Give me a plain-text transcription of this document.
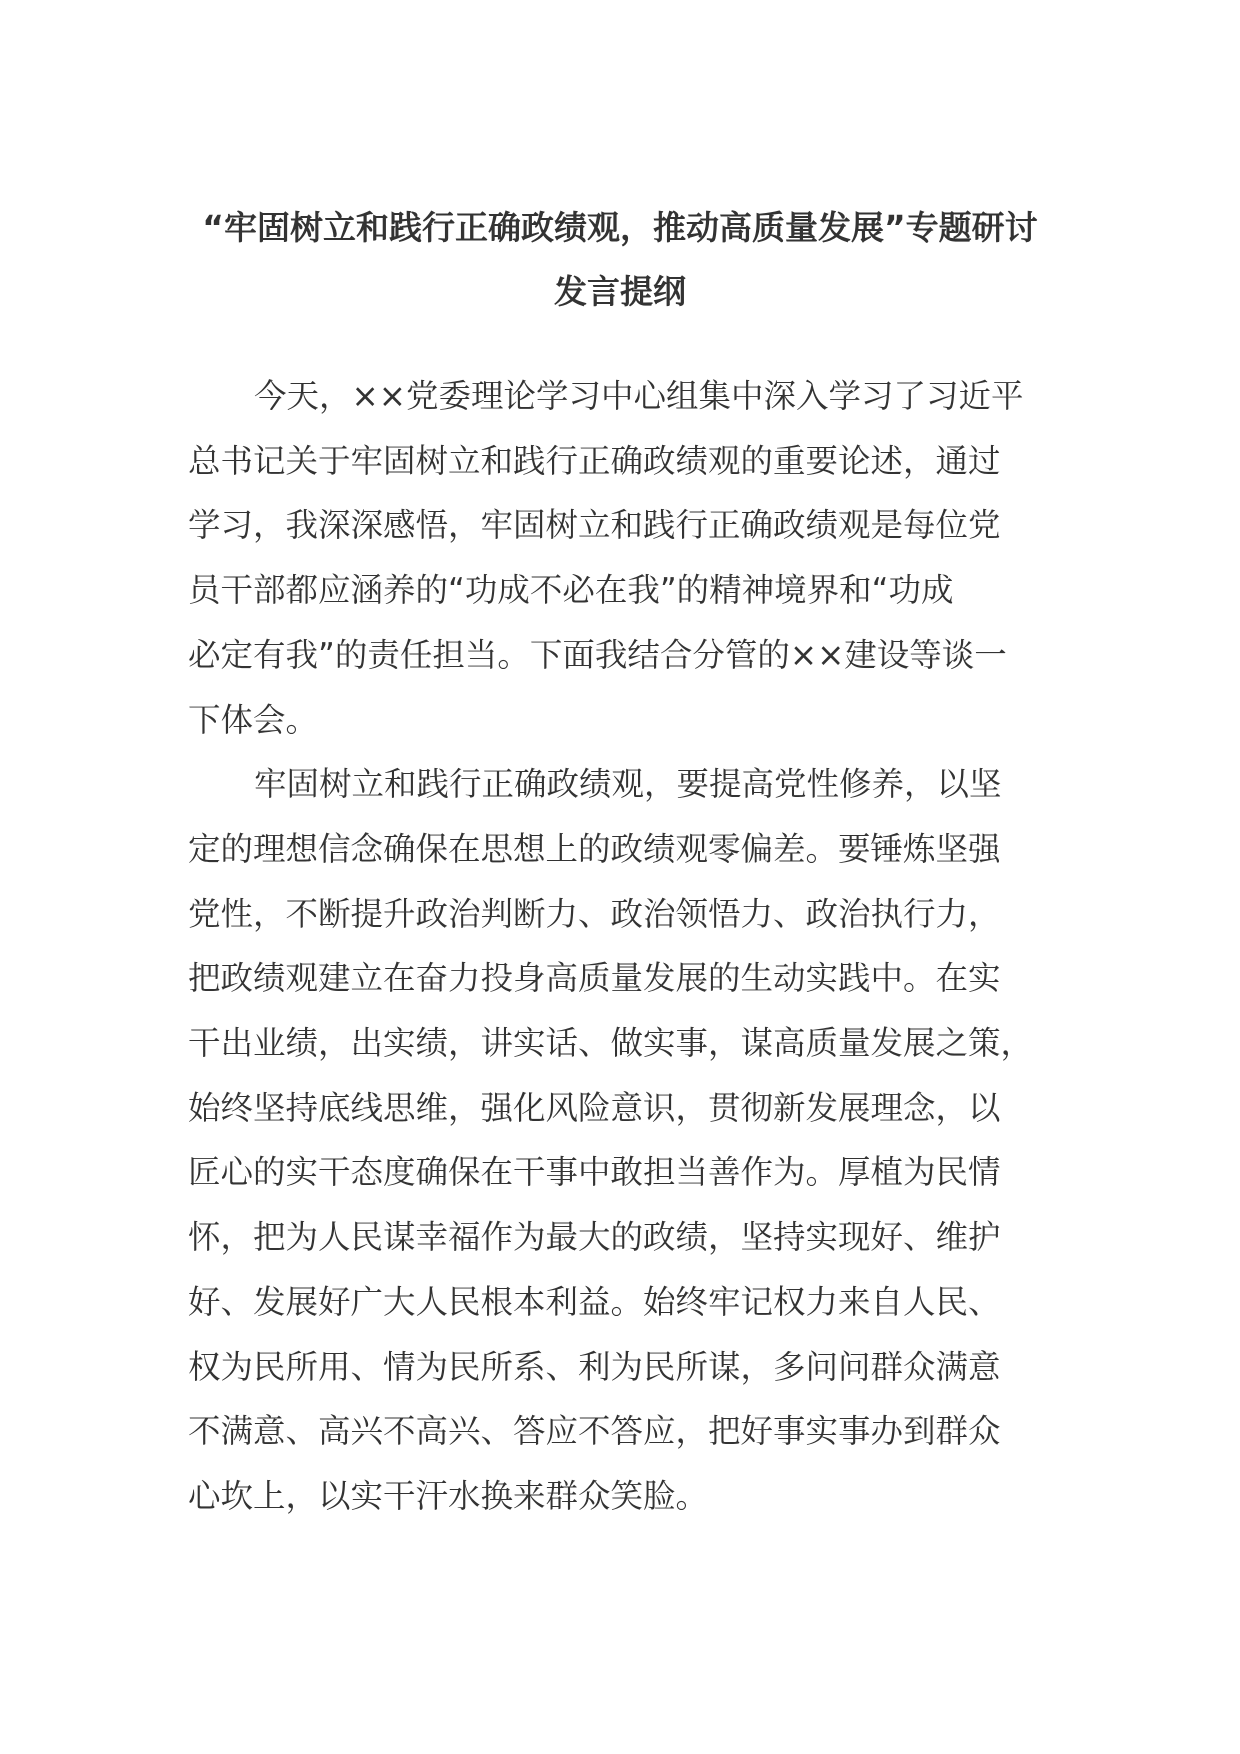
“牢固树立和践行正确政绩观，推动高质量发展”专题研讨
发言提纲

今天，××党委理论学习中心组集中深入学习了习近平
总书记关于牢固树立和践行正确政绩观的重要论述，通过
学习，我深深感悟，牢固树立和践行正确政绩观是每位党
员干部都应涵养的“功成不必在我”的精神境界和“功成
必定有我”的责任担当。下面我结合分管的××建设等谈一
下体会。

牢固树立和践行正确政绩观，要提高党性修养，以坚
定的理想信念确保在思想上的政绩观零偏差。要锤炼坚强
党性，不断提升政治判断力、政治领悟力、政治执行力，
把政绩观建立在奋力投身高质量发展的生动实践中。在实
干出业绩，出实绩，讲实话、做实事，谋高质量发展之策，
始终坚持底线思维，强化风险意识，贯彻新发展理念，以
匠心的实干态度确保在干事中敢担当善作为。厚植为民情
怀，把为人民谋幸福作为最大的政绩，坚持实现好、维护
好、发展好广大人民根本利益。始终牢记权力来自人民、
权为民所用、情为民所系、利为民所谋，多问问群众满意
不满意、高兴不高兴、答应不答应，把好事实事办到群众
心坎上，以实干汗水换来群众笑脸。
